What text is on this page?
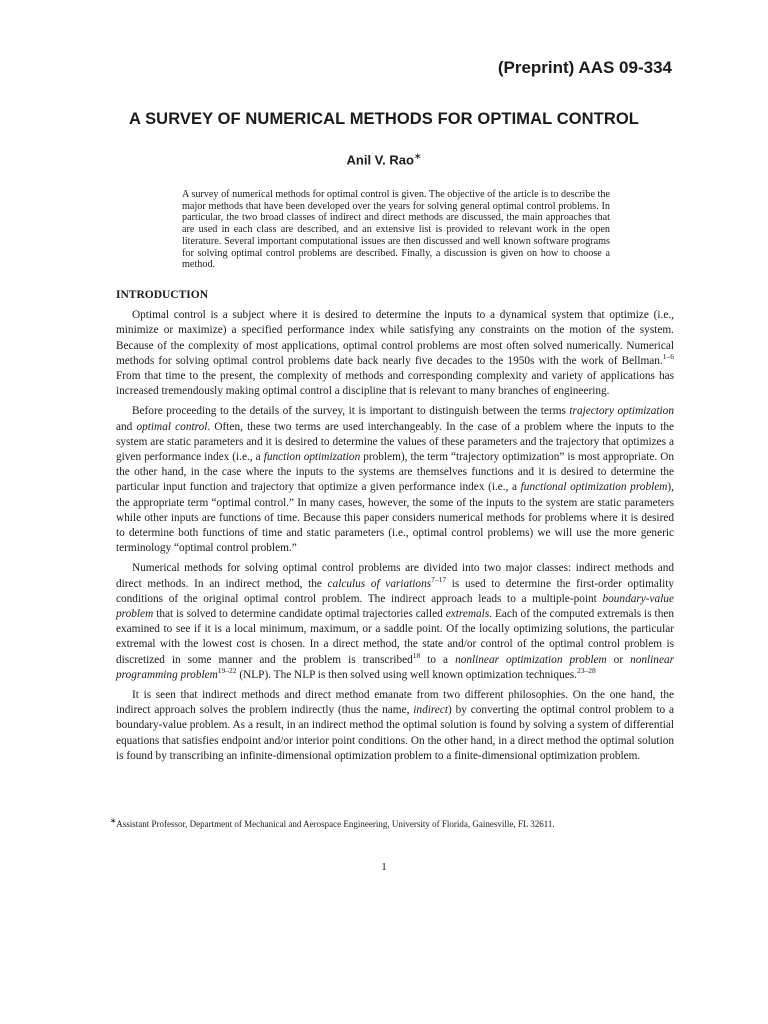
(Preprint) AAS 09-334
A SURVEY OF NUMERICAL METHODS FOR OPTIMAL CONTROL
Anil V. Rao∗
A survey of numerical methods for optimal control is given. The objective of the article is to describe the major methods that have been developed over the years for solving general optimal control problems. In particular, the two broad classes of indirect and direct methods are discussed, the main approaches that are used in each class are described, and an extensive list is provided to relevant work in the open literature. Several important computational issues are then discussed and well known software programs for solving optimal control problems are described. Finally, a discussion is given on how to choose a method.
INTRODUCTION

Optimal control is a subject where it is desired to determine the inputs to a dynamical system that optimize (i.e., minimize or maximize) a specified performance index while satisfying any constraints on the motion of the system. Because of the complexity of most applications, optimal control problems are most often solved numerically. Numerical methods for solving optimal control problems date back nearly five decades to the 1950s with the work of Bellman.$^{1-6}$ From that time to the present, the complexity of methods and corresponding complexity and variety of applications has increased tremendously making optimal control a discipline that is relevant to many branches of engineering.

Before proceeding to the details of the survey, it is important to distinguish between the terms trajectory optimization and optimal control. Often, these two terms are used interchangeably. In the case of a problem where the inputs to the system are static parameters and it is desired to determine the values of these parameters and the trajectory that optimizes a given performance index (i.e., a function optimization problem), the term “trajectory optimization” is most appropriate. On the other hand, in the case where the inputs to the systems are themselves functions and it is desired to determine the particular input function and trajectory that optimize a given performance index (i.e., a functional optimization problem), the appropriate term “optimal control.” In many cases, however, the some of the inputs to the system are static parameters while other inputs are functions of time. Because this paper considers numerical methods for problems where it is desired to determine both functions of time and static parameters (i.e., optimal control problems) we will use the more generic terminology “optimal control problem.”

Numerical methods for solving optimal control problems are divided into two major classes: indirect methods and direct methods. In an indirect method, the calculus of variations$^{7-17}$ is used to determine the first-order optimality conditions of the original optimal control problem. The indirect approach leads to a multiple-point boundary-value problem that is solved to determine candidate optimal trajectories called extremals. Each of the computed extremals is then examined to see if it is a local minimum, maximum, or a saddle point. Of the locally optimizing solutions, the particular extremal with the lowest cost is chosen. In a direct method, the state and/or control of the optimal control problem is discretized in some manner and the problem is transcribed$^{18}$ to a nonlinear optimization problem or nonlinear programming problem$^{19-22}$ (NLP). The NLP is then solved using well known optimization techniques.$^{23-28}$

It is seen that indirect methods and direct method emanate from two different philosophies. On the one hand, the indirect approach solves the problem indirectly (thus the name, indirect) by converting the optimal control problem to a boundary-value problem. As a result, in an indirect method the optimal solution is found by solving a system of differential equations that satisfies endpoint and/or interior point conditions. On the other hand, in a direct method the optimal solution is found by transcribing an infinite-dimensional optimization problem to a finite-dimensional optimization problem.

∗Assistant Professor, Department of Mechanical and Aerospace Engineering, University of Florida, Gainesville, FL 32611.
1
